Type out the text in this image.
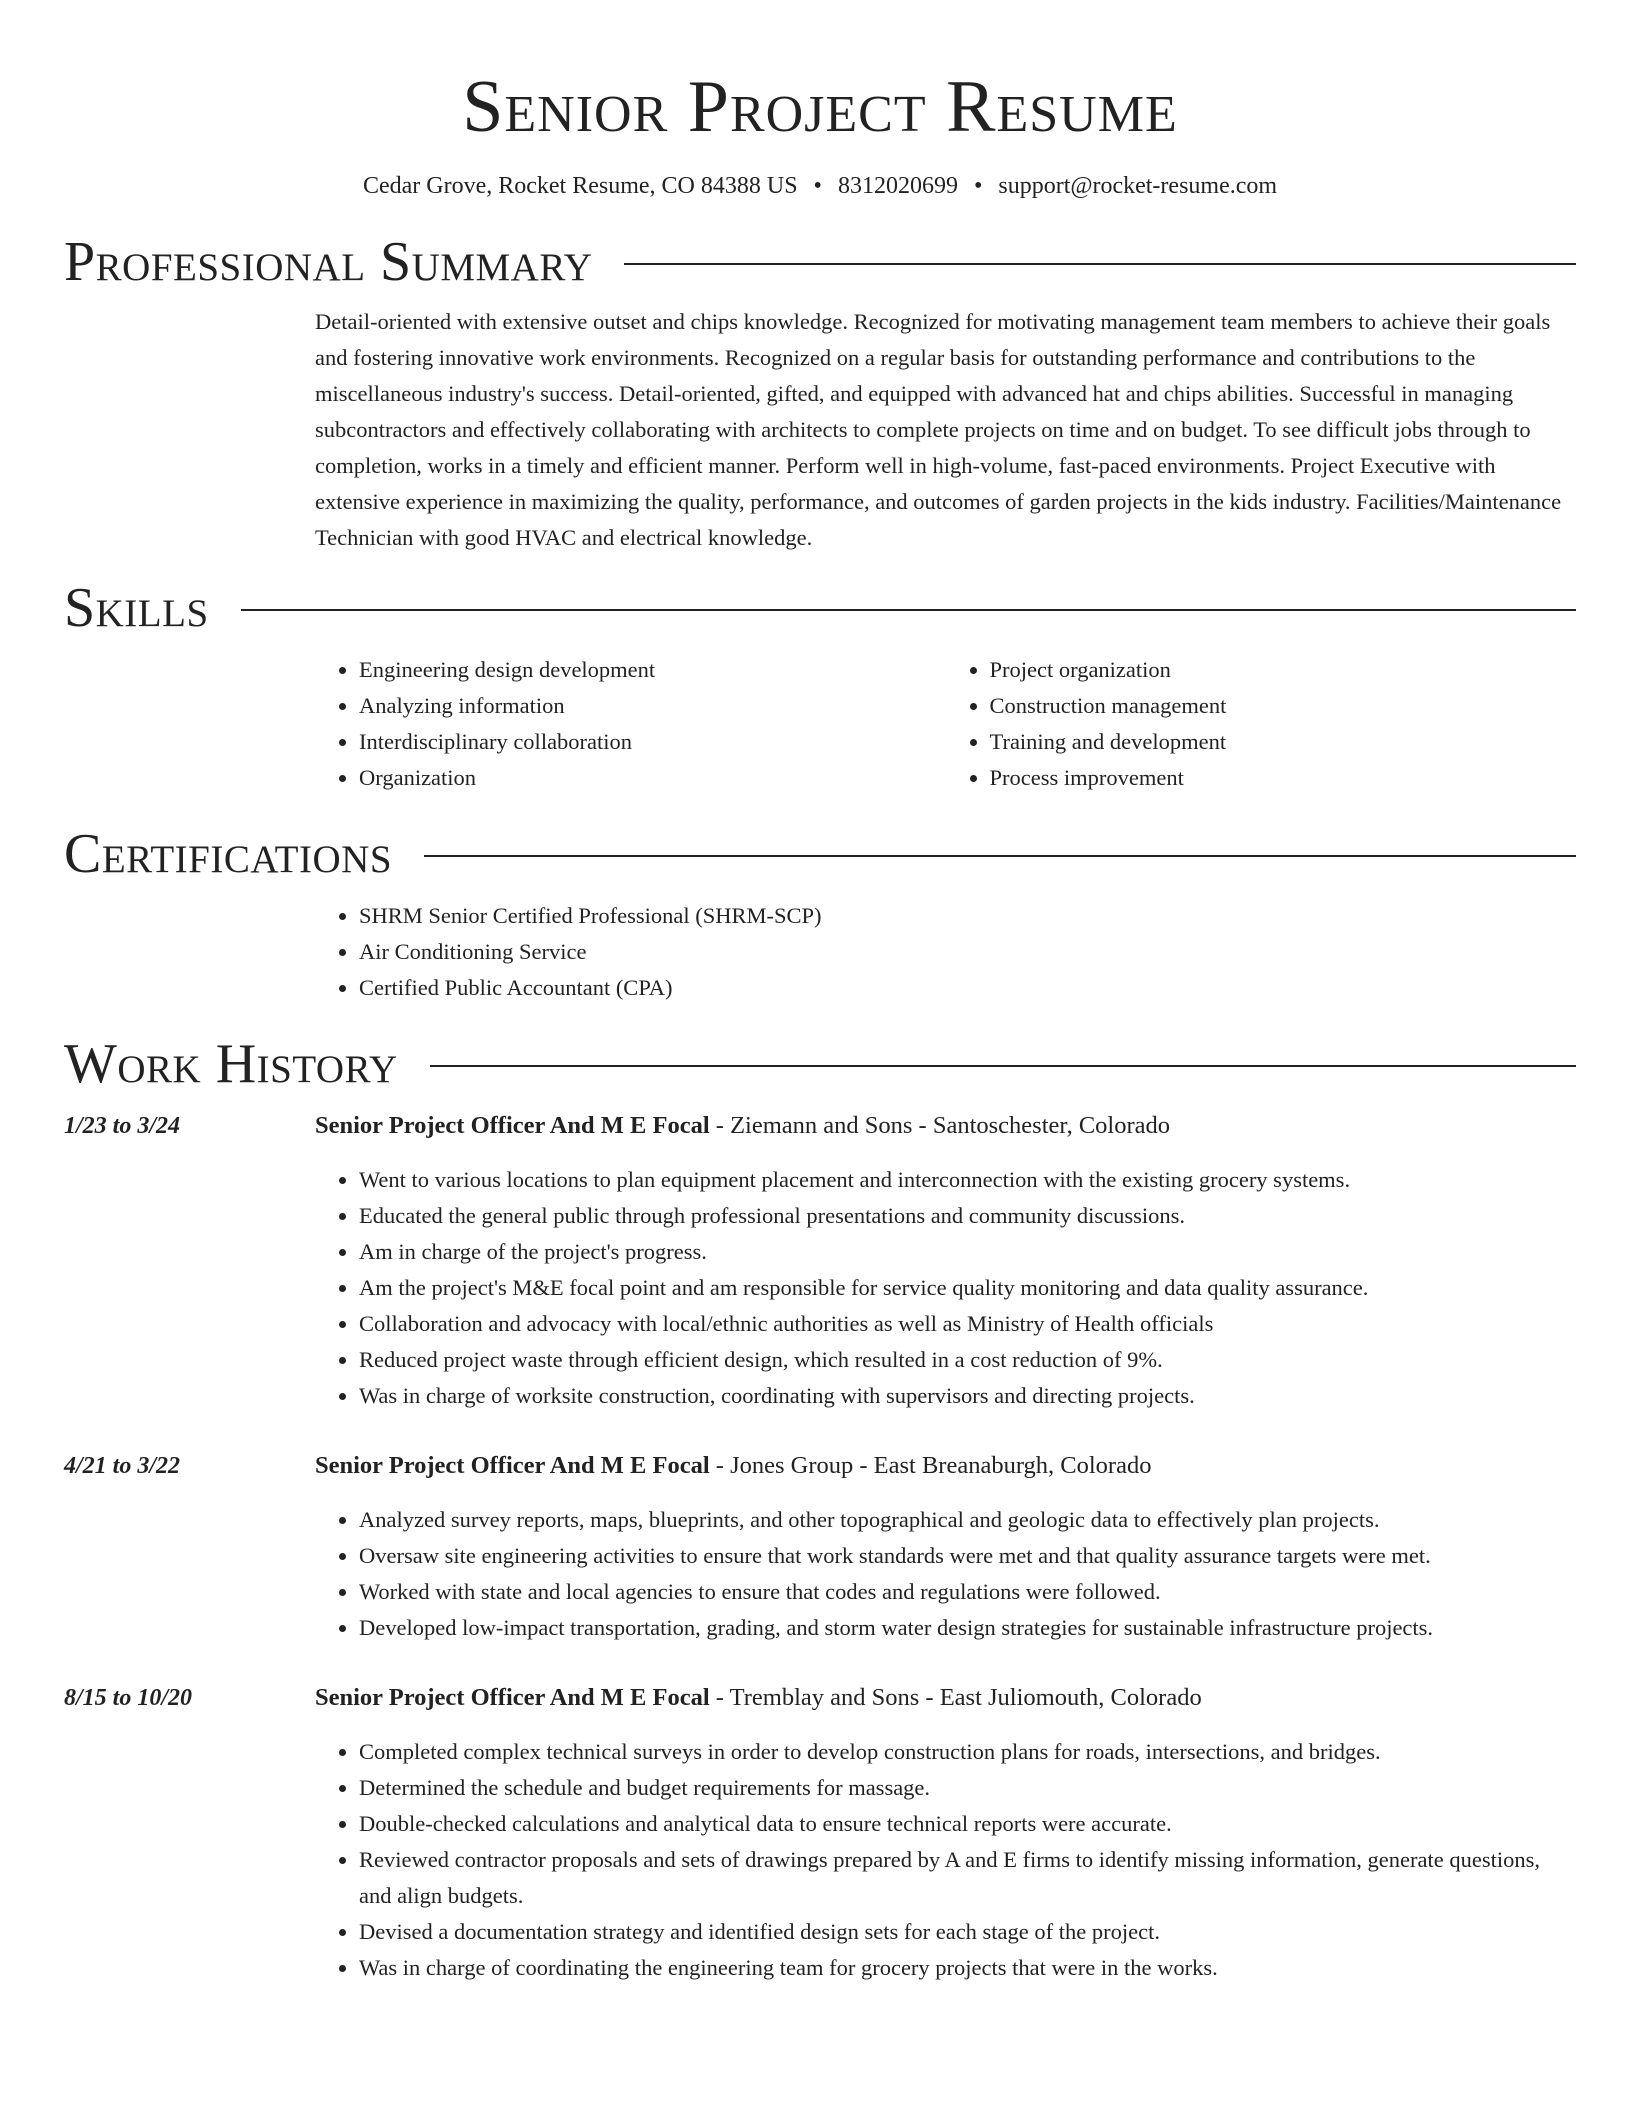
Senior Project Resume
Cedar Grove, Rocket Resume, CO 84388 US • 8312020699 • support@rocket-resume.com
Professional Summary
Detail-oriented with extensive outset and chips knowledge. Recognized for motivating management team members to achieve their goals and fostering innovative work environments. Recognized on a regular basis for outstanding performance and contributions to the miscellaneous industry's success. Detail-oriented, gifted, and equipped with advanced hat and chips abilities. Successful in managing subcontractors and effectively collaborating with architects to complete projects on time and on budget. To see difficult jobs through to completion, works in a timely and efficient manner. Perform well in high-volume, fast-paced environments. Project Executive with extensive experience in maximizing the quality, performance, and outcomes of garden projects in the kids industry. Facilities/Maintenance Technician with good HVAC and electrical knowledge.
Skills
• Engineering design development
• Analyzing information
• Interdisciplinary collaboration
• Organization
• Project organization
• Construction management
• Training and development
• Process improvement
Certifications
• SHRM Senior Certified Professional (SHRM-SCP)
• Air Conditioning Service
• Certified Public Accountant (CPA)
Work History
1/23 to 3/24	Senior Project Officer And M E Focal - Ziemann and Sons - Santoschester, Colorado
• Went to various locations to plan equipment placement and interconnection with the existing grocery systems.
• Educated the general public through professional presentations and community discussions.
• Am in charge of the project's progress.
• Am the project's M&E focal point and am responsible for service quality monitoring and data quality assurance.
• Collaboration and advocacy with local/ethnic authorities as well as Ministry of Health officials
• Reduced project waste through efficient design, which resulted in a cost reduction of 9%.
• Was in charge of worksite construction, coordinating with supervisors and directing projects.
4/21 to 3/22	Senior Project Officer And M E Focal - Jones Group - East Breanaburgh, Colorado
• Analyzed survey reports, maps, blueprints, and other topographical and geologic data to effectively plan projects.
• Oversaw site engineering activities to ensure that work standards were met and that quality assurance targets were met.
• Worked with state and local agencies to ensure that codes and regulations were followed.
• Developed low-impact transportation, grading, and storm water design strategies for sustainable infrastructure projects.
8/15 to 10/20	Senior Project Officer And M E Focal - Tremblay and Sons - East Juliomouth, Colorado
• Completed complex technical surveys in order to develop construction plans for roads, intersections, and bridges.
• Determined the schedule and budget requirements for massage.
• Double-checked calculations and analytical data to ensure technical reports were accurate.
• Reviewed contractor proposals and sets of drawings prepared by A and E firms to identify missing information, generate questions, and align budgets.
• Devised a documentation strategy and identified design sets for each stage of the project.
• Was in charge of coordinating the engineering team for grocery projects that were in the works.
